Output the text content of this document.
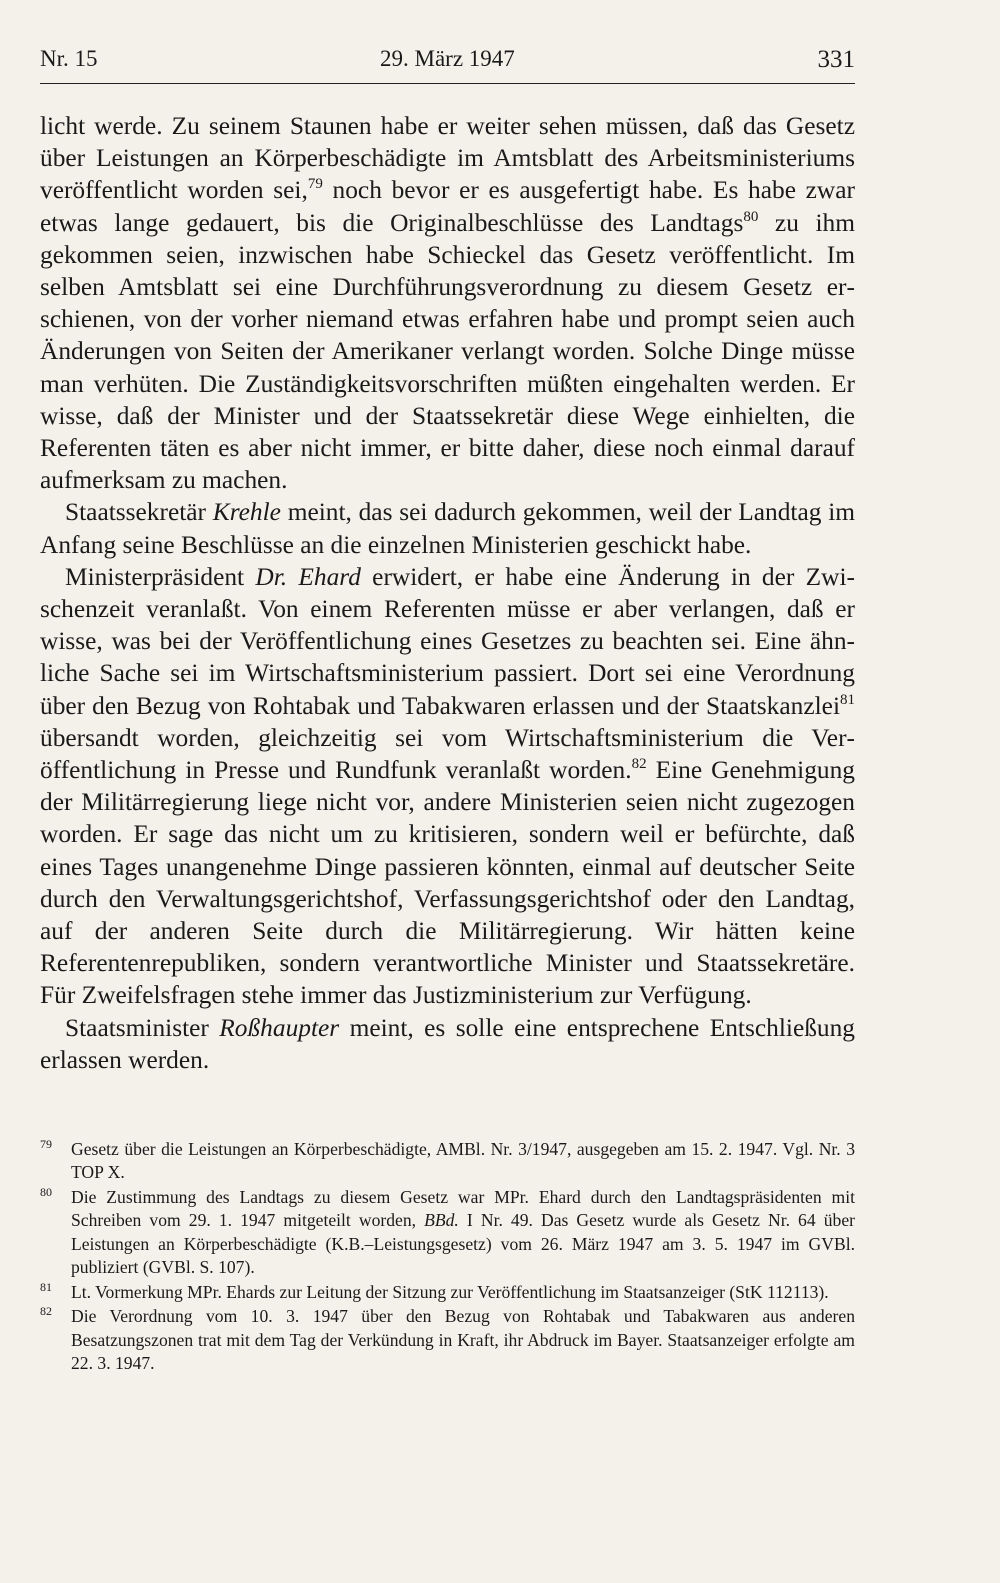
Nr. 15	29. März 1947	331

licht werde. Zu seinem Staunen habe er weiter sehen müssen, daß das Gesetz über Leistungen an Körperbeschädigte im Amtsblatt des Arbeitsministeriums veröffentlicht worden sei,$^{79}$ noch bevor er es ausgefertigt habe. Es habe zwar etwas lange gedauert, bis die Originalbeschlüsse des Landtags$^{80}$ zu ihm gekommen seien, inzwischen habe Schieckel das Gesetz veröffentlicht. Im selben Amtsblatt sei eine Durchführungsverordnung zu diesem Gesetz erschienen, von der vorher niemand etwas erfahren habe und prompt seien auch Änderungen von Seiten der Amerikaner verlangt worden. Solche Dinge müsse man verhüten. Die Zuständigkeitsvorschriften müßten eingehalten werden. Er wisse, daß der Minister und der Staatssekretär diese Wege einhielten, die Referenten täten es aber nicht immer, er bitte daher, diese noch einmal darauf aufmerksam zu machen.

Staatssekretär Krehle meint, das sei dadurch gekommen, weil der Landtag im Anfang seine Beschlüsse an die einzelnen Ministerien geschickt habe.

Ministerpräsident Dr. Ehard erwidert, er habe eine Änderung in der Zwischenzeit veranlaßt. Von einem Referenten müsse er aber verlangen, daß er wisse, was bei der Veröffentlichung eines Gesetzes zu beachten sei. Eine ähnliche Sache sei im Wirtschaftsministerium passiert. Dort sei eine Verordnung über den Bezug von Rohtabak und Tabakwaren erlassen und der Staatskanzlei$^{81}$ übersandt worden, gleichzeitig sei vom Wirtschaftsministerium die Veröffentlichung in Presse und Rundfunk veranlaßt worden.$^{82}$ Eine Genehmigung der Militärregierung liege nicht vor, andere Ministerien seien nicht zugezogen worden. Er sage das nicht um zu kritisieren, sondern weil er befürchte, daß eines Tages unangenehme Dinge passieren könnten, einmal auf deutscher Seite durch den Verwaltungsgerichtshof, Verfassungsgerichtshof oder den Landtag, auf der anderen Seite durch die Militärregierung. Wir hätten keine Referentenrepubliken, sondern verantwortliche Minister und Staatssekretäre. Für Zweifelsfragen stehe immer das Justizministerium zur Verfügung.

Staatsminister Roßhaupter meint, es solle eine entsprechene Entschließung erlassen werden.

79 Gesetz über die Leistungen an Körperbeschädigte, AMBl. Nr. 3/1947, ausgegeben am 15. 2. 1947. Vgl. Nr. 3 TOP X.
80 Die Zustimmung des Landtags zu diesem Gesetz war MPr. Ehard durch den Landtagspräsidenten mit Schreiben vom 29. 1. 1947 mitgeteilt worden, BBd. I Nr. 49. Das Gesetz wurde als Gesetz Nr. 64 über Leistungen an Körperbeschädigte (K.B.–Leistungsgesetz) vom 26. März 1947 am 3. 5. 1947 im GVBl. publiziert (GVBl. S. 107).
81 Lt. Vormerkung MPr. Ehards zur Leitung der Sitzung zur Veröffentlichung im Staatsanzeiger (StK 112113).
82 Die Verordnung vom 10. 3. 1947 über den Bezug von Rohtabak und Tabakwaren aus anderen Besatzungszonen trat mit dem Tag der Verkündung in Kraft, ihr Abdruck im Bayer. Staatsanzeiger erfolgte am 22. 3. 1947.
